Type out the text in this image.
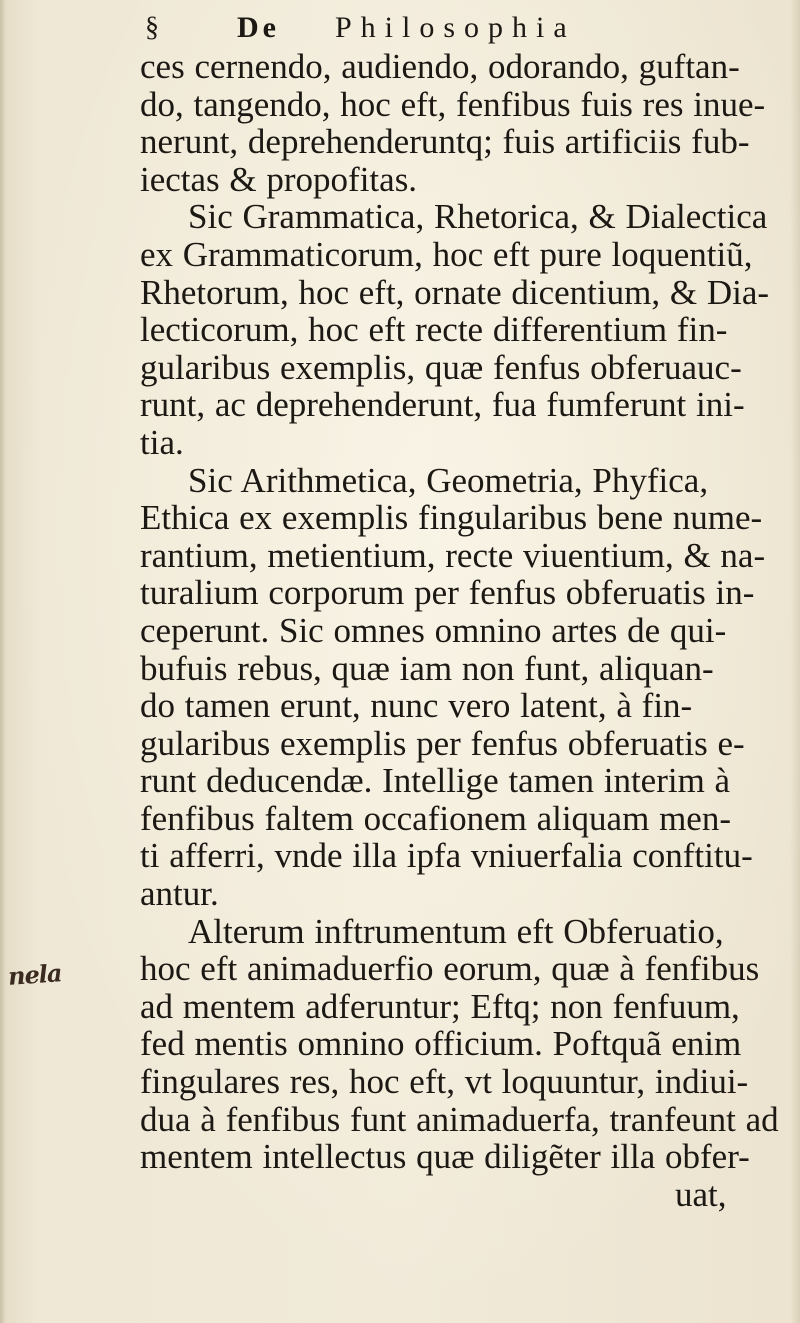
§	De Philosophia
nela
ces cernendo, audiendo, odorando, guftan-
do, tangendo, hoc eft, fenfibus fuis res inue-
nerunt, deprehenderuntq; fuis artificiis fub-
iectas & propofitas.
Sic Grammatica, Rhetorica, & Dialectica
ex Grammaticorum, hoc eft pure loquentiũ,
Rhetorum, hoc eft, ornate dicentium, & Dia-
lecticorum, hoc eft recte differentium fin-
gularibus exemplis, quæ fenfus obferuauc-
runt, ac deprehenderunt, fua fumferunt ini-
tia.
Sic Arithmetica, Geometria, Phyfica,
Ethica ex exemplis fingularibus bene nume-
rantium, metientium, recte viuentium, & na-
turalium corporum per fenfus obferuatis in-
ceperunt. Sic omnes omnino artes de qui-
bufuis rebus, quæ iam non funt, aliquan-
do tamen erunt, nunc vero latent, à fin-
gularibus exemplis per fenfus obferuatis e-
runt deducendæ. Intellige tamen interim à
fenfibus faltem occafionem aliquam men-
ti afferri, vnde illa ipfa vniuerfalia conftitu-
antur.
Alterum inftrumentum eft Obferuatio,
hoc eft animaduerfio eorum, quæ à fenfibus
ad mentem adferuntur; Eftq; non fenfuum,
fed mentis omnino officium. Poftquã enim
fingulares res, hoc eft, vt loquuntur, indiui-
dua à fenfibus funt animaduerfa, tranfeunt ad
mentem intellectus quæ diligẽter illa obfer-
uat,
